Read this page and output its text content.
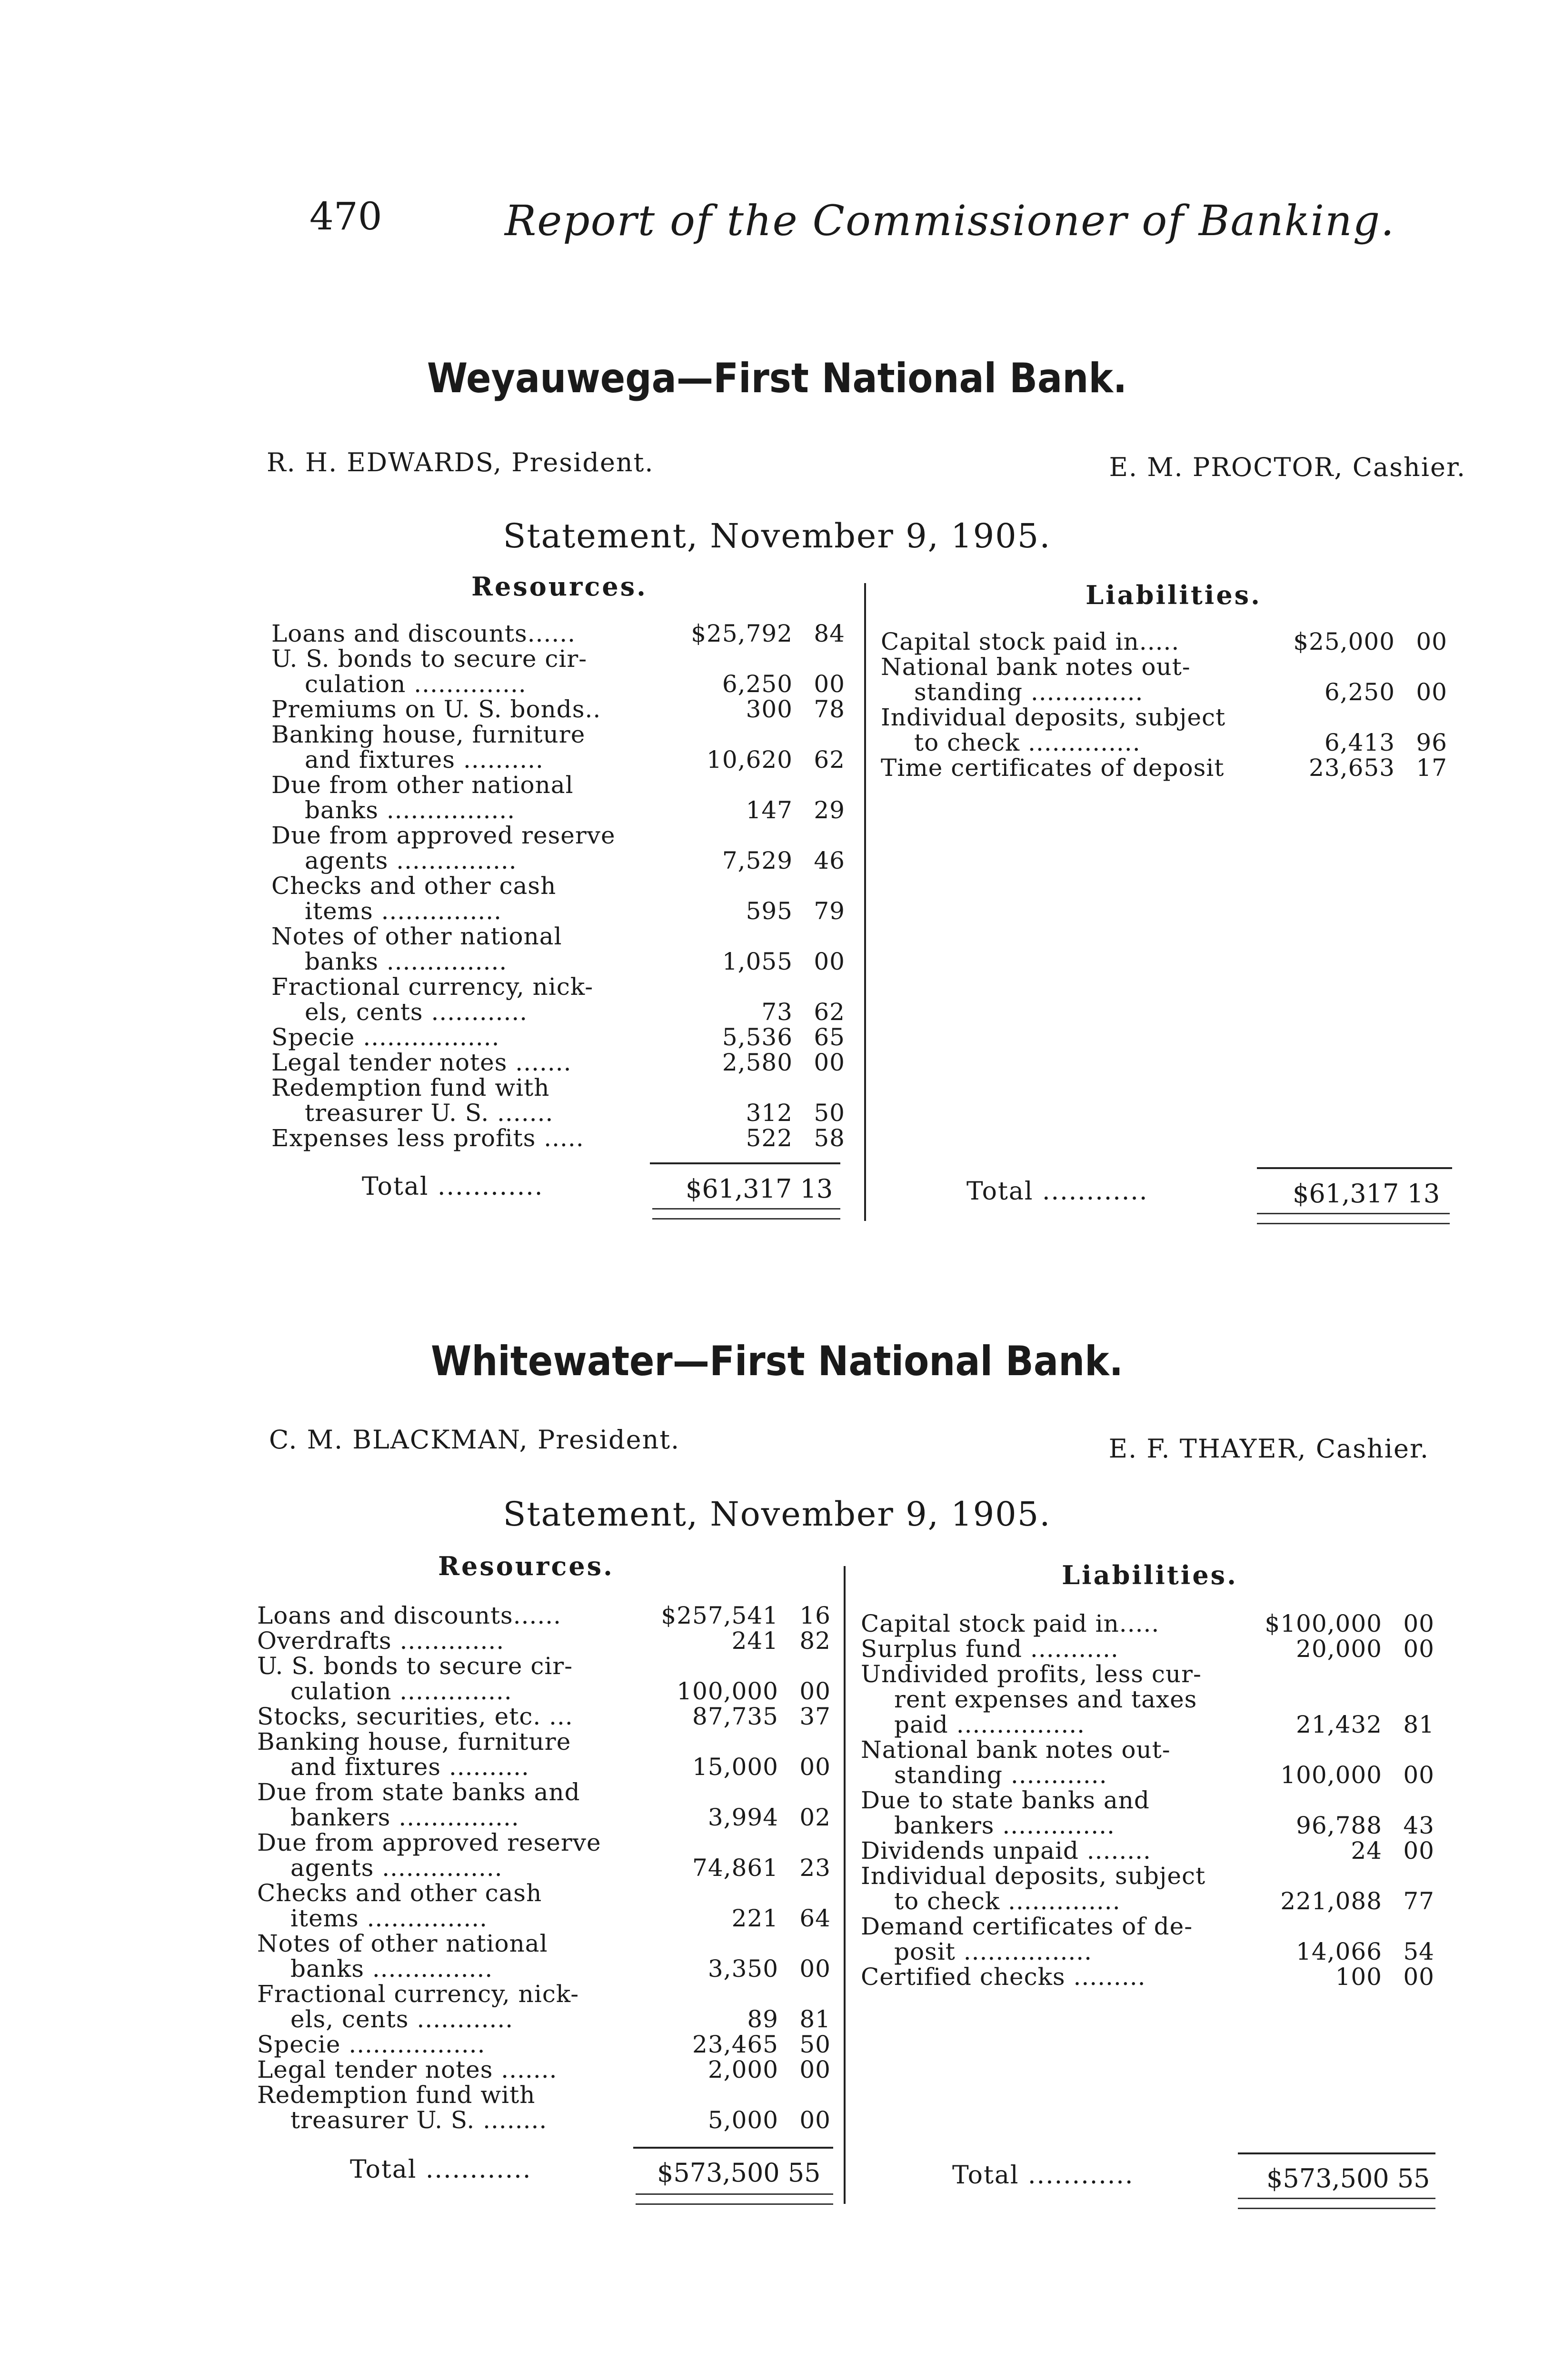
470	Report of the Commissioner of Banking.
Weyauwega—First National Bank.
R. H. EDWARDS, President.	E. M. PROCTOR, Cashier.
Statement, November 9, 1905.
Resources.	Liabilities.
Loans and discounts......	$25,792 84
U. S. bonds to secure cir-
culation ..............	6,250 00
Premiums on U. S. bonds..	300 78
Banking house, furniture
and fixtures ..........	10,620 62
Due from other national
banks ................	147 29
Due from approved reserve
agents ...............	7,529 46
Checks and other cash
items ...............	595 79
Notes of other national
banks ...............	1,055 00
Fractional currency, nick-
els, cents ............	73 62
Specie .................	5,536 65
Legal tender notes .......	2,580 00
Redemption fund with
treasurer U. S. .......	312 50
Expenses less profits .....	522 58
Capital stock paid in.....	$25,000 00
National bank notes out-
standing ..............	6,250 00
Individual deposits, subject
to check ..............	6,413 96
Time certificates of deposit	23,653 17
Total ............	$61,317 13	Total ............	$61,317 13
Whitewater—First National Bank.
C. M. BLACKMAN, President.	E. F. THAYER, Cashier.
Statement, November 9, 1905.
Resources.	Liabilities.
Loans and discounts......	$257,541 16
Overdrafts .............	241 82
U. S. bonds to secure cir-
culation ..............	100,000 00
Stocks, securities, etc. ...	87,735 37
Banking house, furniture
and fixtures ..........	15,000 00
Due from state banks and
bankers ...............	3,994 02
Due from approved reserve
agents ...............	74,861 23
Checks and other cash
items ...............	221 64
Notes of other national
banks ...............	3,350 00
Fractional currency, nick-
els, cents ............	89 81
Specie .................	23,465 50
Legal tender notes .......	2,000 00
Redemption fund with
treasurer U. S. ........	5,000 00
Capital stock paid in.....	$100,000 00
Surplus fund ...........	20,000 00
Undivided profits, less cur-
rent expenses and taxes
paid ................	21,432 81
National bank notes out-
standing ............	100,000 00
Due to state banks and
bankers ..............	96,788 43
Dividends unpaid ........	24 00
Individual deposits, subject
to check ..............	221,088 77
Demand certificates of de-
posit ................	14,066 54
Certified checks .........	100 00
Total ............	$573,500 55	Total ............	$573,500 55
